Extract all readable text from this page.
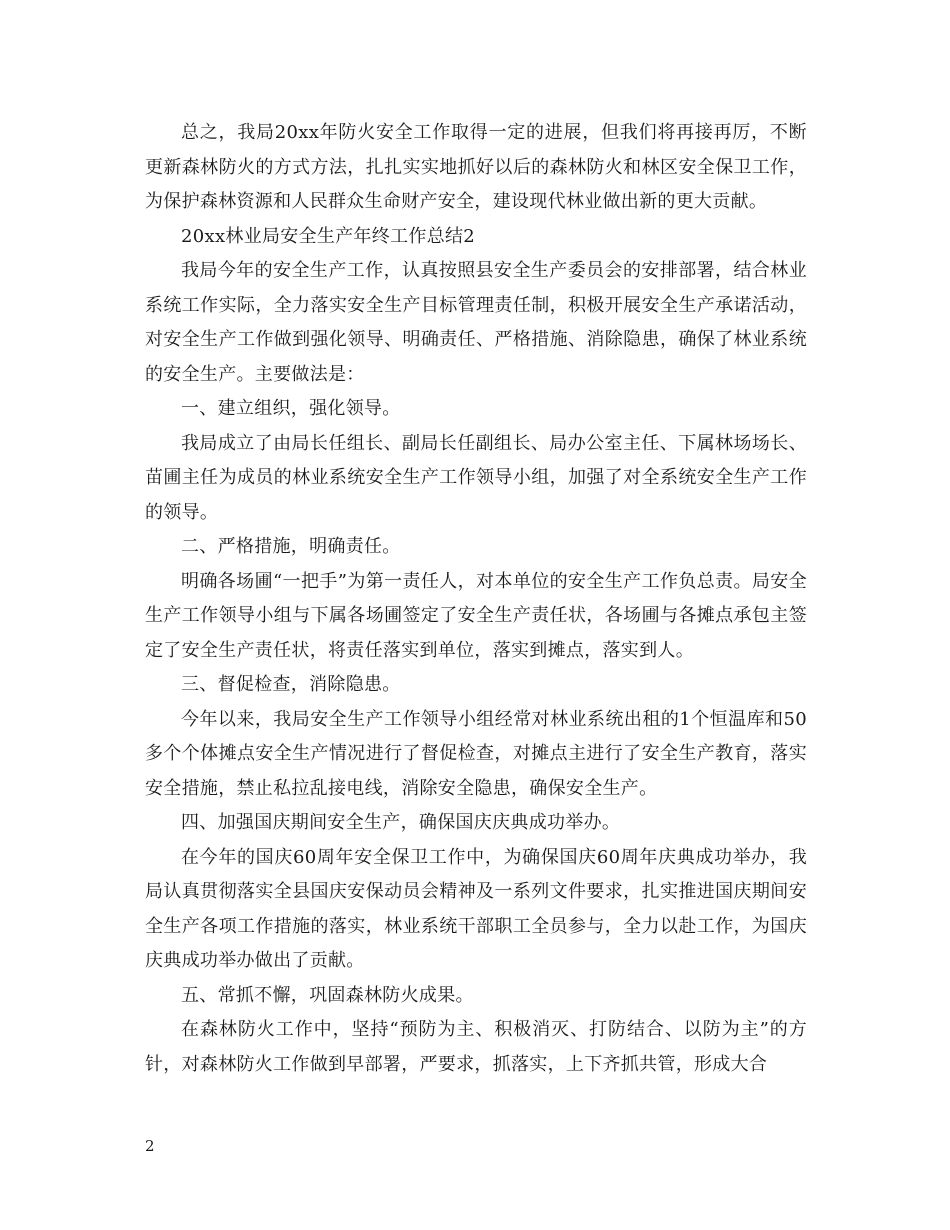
总之，我局20xx年防火安全工作取得一定的进展，但我们将再接再厉，不断更新森林防火的方式方法，扎扎实实地抓好以后的森林防火和林区安全保卫工作，为保护森林资源和人民群众生命财产安全，建设现代林业做出新的更大贡献。

20xx林业局安全生产年终工作总结2

我局今年的安全生产工作，认真按照县安全生产委员会的安排部署，结合林业系统工作实际，全力落实安全生产目标管理责任制，积极开展安全生产承诺活动，对安全生产工作做到强化领导、明确责任、严格措施、消除隐患，确保了林业系统的安全生产。主要做法是：

一、建立组织，强化领导。

我局成立了由局长任组长、副局长任副组长、局办公室主任、下属林场场长、苗圃主任为成员的林业系统安全生产工作领导小组，加强了对全系统安全生产工作的领导。

二、严格措施，明确责任。

明确各场圃“一把手”为第一责任人，对本单位的安全生产工作负总责。局安全生产工作领导小组与下属各场圃签定了安全生产责任状，各场圃与各摊点承包主签定了安全生产责任状，将责任落实到单位，落实到摊点，落实到人。

三、督促检查，消除隐患。

今年以来，我局安全生产工作领导小组经常对林业系统出租的1个恒温库和50多个个体摊点安全生产情况进行了督促检查，对摊点主进行了安全生产教育，落实安全措施，禁止私拉乱接电线，消除安全隐患，确保安全生产。

四、加强国庆期间安全生产，确保国庆庆典成功举办。

在今年的国庆60周年安全保卫工作中，为确保国庆60周年庆典成功举办，我局认真贯彻落实全县国庆安保动员会精神及一系列文件要求，扎实推进国庆期间安全生产各项工作措施的落实，林业系统干部职工全员参与，全力以赴工作，为国庆庆典成功举办做出了贡献。

五、常抓不懈，巩固森林防火成果。

在森林防火工作中，坚持“预防为主、积极消灭、打防结合、以防为主”的方针，对森林防火工作做到早部署，严要求，抓落实，上下齐抓共管，形成大合

2
